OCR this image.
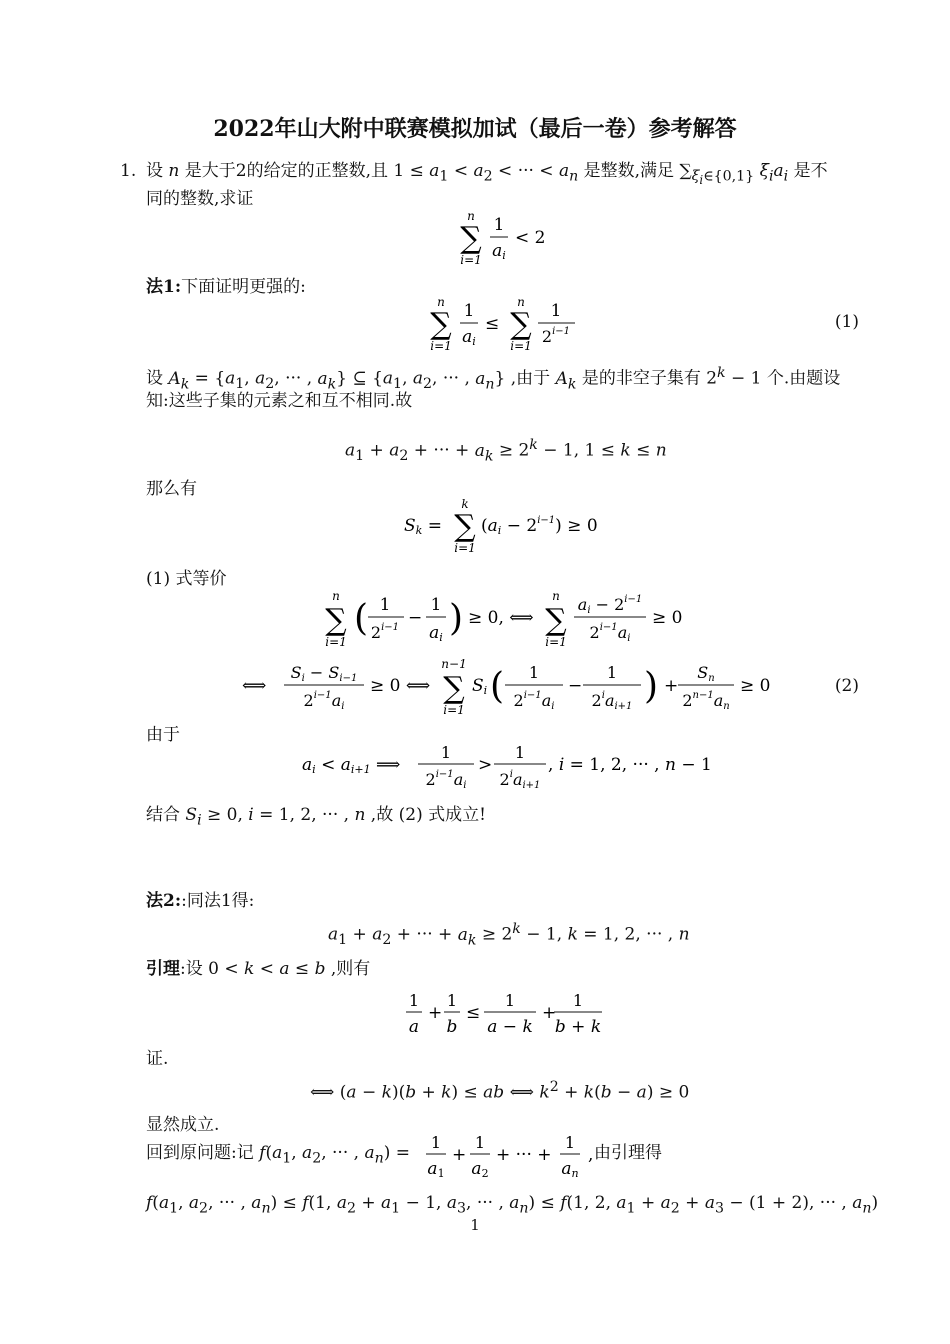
2022年山大附中联赛模拟加试（最后一卷）参考解答
1. 设 n 是大于2的给定的正整数,且 $1 \le a_1 < a_2$ < ··· < $a_n$ 是整数,满足 $\sum_{\xi_i\in\{0,1\}}$ $\xi_ia_i$ 是不
同的整数,求证
n
∑
i=1
1
ai
< 2
法1:下面证明更强的:
n
∑
i=1
1
ai
≤
n
∑
i=1
1
$2^{i-1}$	(1)
设 $A_k = \{a_1$, $a_2$, ··· , $a_k$} ⊆ {$a_1$, $a_2$, ··· , $a_n$} ,由于 $A_k$ 是的非空子集有 $2^k - 1$ 个.由题设
知:这些子集的元素之和互不相同.故
$a_1 + a_2$ + ··· + $a_k \ge 2^k - 1$, 1 ≤ k ≤ n
那么有
Sk =
k
∑
i=1
$(ai - 2^{i-1}) \ge 0$
(1) 式等价
n
∑
i=1
( 1
$2^{i-1}$ −
1
ai ) ≥ 0, ⟺
n
∑
i=1
ai − $2^{i-1}$
$2^{i-1}ai$
≥ 0
⟺
Si − Si−1
$2^{i-1}ai$
≥ 0 ⟺
n−1
∑
i=1
Si ( 1
$2^{i-1}ai$
−
1
$2^iai+1$ ) +
Sn
$2^{n-1}an$
≥ 0	(2)
由于
ai < ai+1 ⟹
1
$2^{i-1}ai$
>
1
$2^iai+1$
, i = 1, 2, ··· , n − 1
结合 $S_i \ge 0$, i = 1, 2, ··· , n ,故 (2) 式成立!
法2::同法1得:
$a_1 + a_2$ + ··· + $a_k \ge 2^k - 1$, k = 1, 2, ··· , n
引理:设 0 < k < a ≤ b ,则有
1
a
+
1
b
≤
1
a − k
+
1
b + k
证.
⟺ (a − k)(b + k) ≤ ab ⟺ $k^2 + k(b - a) \ge 0$
显然成立.
回到原问题:记 $f(a_1$, $a_2$, ··· , $a_n$) =
1
a1
+
1
a2
+ ··· +
1
an
, 由引理得
$f(a_1$, $a_2$, ··· , $a_n) \le f(1$, $a_2 + a_1 - 1$, $a_3$, ··· , $a_n) \le f(1$, 2, $a_1 + a_2 + a_3 - (1 + 2)$, ··· , $a_n$)
1
